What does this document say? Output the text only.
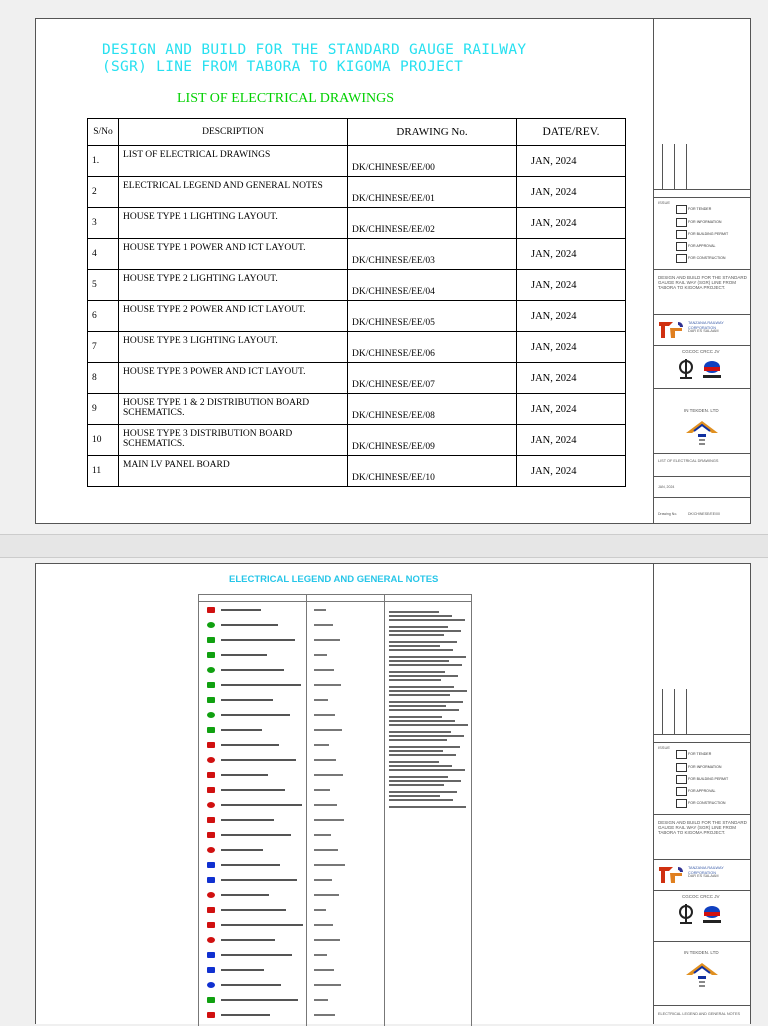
DESIGN AND BUILD FOR THE STANDARD GAUGE RAILWAY (SGR) LINE FROM TABORA TO KIGOMA PROJECT
LIST OF ELECTRICAL DRAWINGS
S/No	DESCRIPTION	DRAWING No.	DATE/REV.
1.	LIST OF ELECTRICAL DRAWINGS	DK/CHINESE/EE/00	JAN, 2024
2	ELECTRICAL LEGEND AND GENERAL NOTES	DK/CHINESE/EE/01	JAN, 2024
3	HOUSE TYPE 1 LIGHTING LAYOUT.	DK/CHINESE/EE/02	JAN, 2024
4	HOUSE TYPE 1 POWER AND ICT LAYOUT.	DK/CHINESE/EE/03	JAN, 2024
5	HOUSE TYPE 2 LIGHTING LAYOUT.	DK/CHINESE/EE/04	JAN, 2024
6	HOUSE TYPE 2 POWER AND ICT LAYOUT.	DK/CHINESE/EE/05	JAN, 2024
7	HOUSE TYPE 3 LIGHTING LAYOUT.	DK/CHINESE/EE/06	JAN, 2024
8	HOUSE TYPE 3 POWER AND ICT LAYOUT.	DK/CHINESE/EE/07	JAN, 2024
9	HOUSE TYPE 1 & 2 DISTRIBUTION BOARD SCHEMATICS.	DK/CHINESE/EE/08	JAN, 2024
10	HOUSE TYPE 3 DISTRIBUTION BOARD SCHEMATICS.	DK/CHINESE/EE/09	JAN, 2024
11	MAIN LV PANEL BOARD	DK/CHINESE/EE/10	JAN, 2024

ISSUE
FOR TENDER
FOR INFORMATION
FOR BUILDING PERMIT
FOR APPROVAL
FOR CONSTRUCTION
DESIGN AND BUILD FOR THE STANDARD GAUGE RAIL WAY (SGR) LINE FROM TABORA TO KIGOMA PROJECT.
TANZANIA RAILWAY CORPORATION
DAR ES SALAAM
CGCOC CRCC JV
IN TEKDEN. LTD
LIST OF ELECTRICAL DRAWINGS
JAN, 2024
Drawing No.	DK/CHINESE/EE/00
ELECTRICAL LEGEND AND GENERAL NOTES
ISSUE
FOR TENDER
FOR INFORMATION
FOR BUILDING PERMIT
FOR APPROVAL
FOR CONSTRUCTION
DESIGN AND BUILD FOR THE STANDARD GAUGE RAIL WAY (SGR) LINE FROM TABORA TO KIGOMA PROJECT.
TANZANIA RAILWAY CORPORATION
DAR ES SALAAM
CGCOC CRCC JV
IN TEKDEN. LTD
ELECTRICAL LEGEND AND GENERAL NOTES
